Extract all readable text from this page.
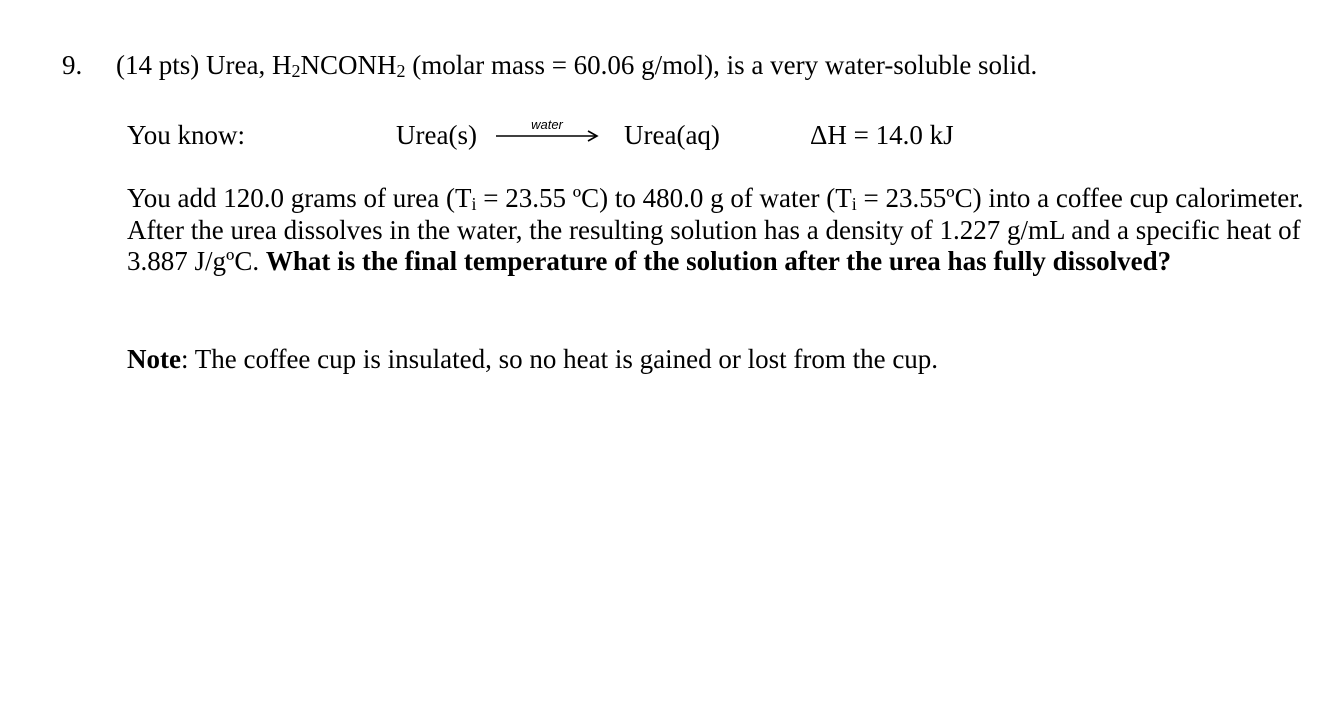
9. (14 pts) Urea, H2NCONH2 (molar mass = 60.06 g/mol), is a very water-soluble solid.
You know:	Urea(s)	water	Urea(aq)	ΔH = 14.0 kJ
You add 120.0 grams of urea (Ti = 23.55 ºC) to 480.0 g of water (Ti = 23.55ºC) into a coffee cup calorimeter. After the urea dissolves in the water, the resulting solution has a density of 1.227 g/mL and a specific heat of 3.887 J/gºC. What is the final temperature of the solution after the urea has fully dissolved?
Note: The coffee cup is insulated, so no heat is gained or lost from the cup.
